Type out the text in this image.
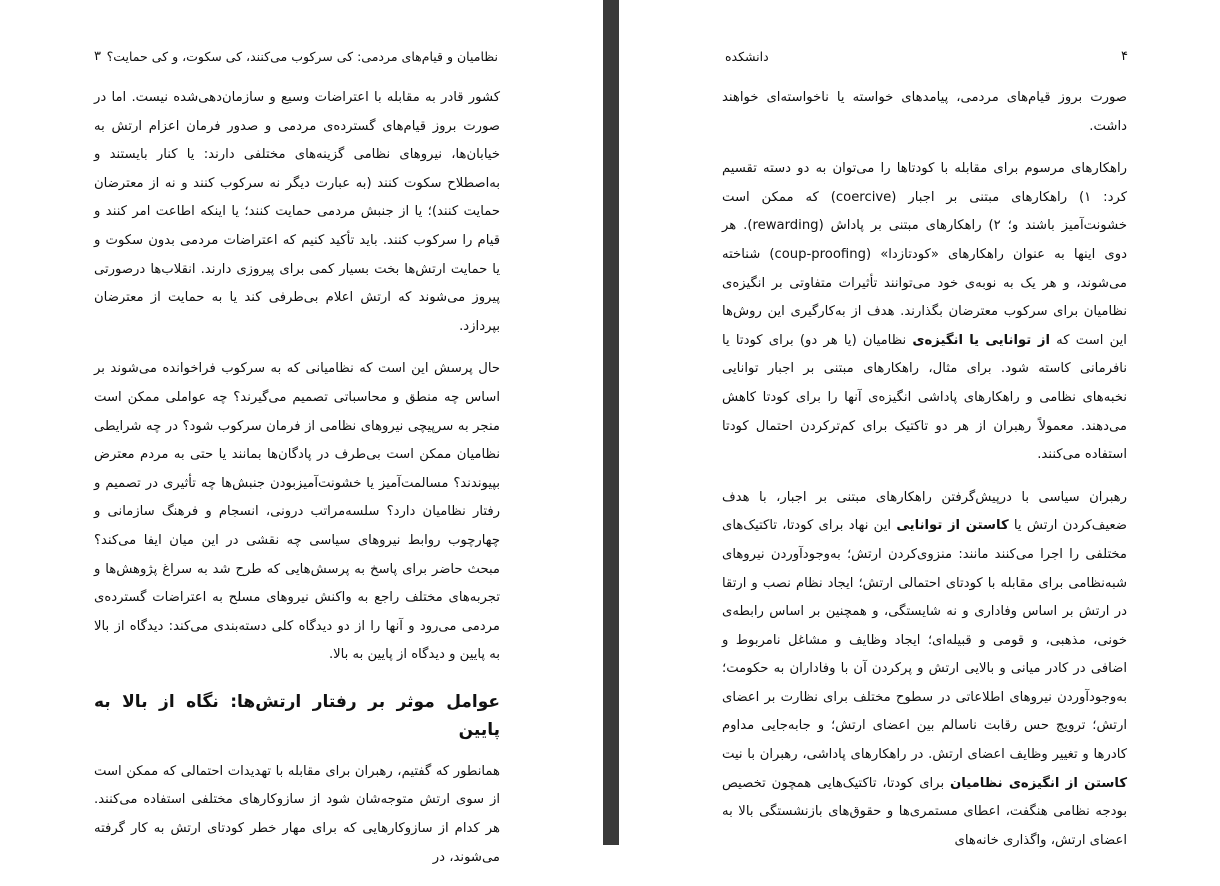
۳ نظامیان و قیام‌های مردمی: کی سرکوب می‌کنند، کی سکوت، و کی حمایت؟

کشور قادر به مقابله با اعتراضات وسیع و سازمان‌دهی‌شده نیست. اما در صورت بروز قیام‌های گسترده‌ی مردمی و صدور فرمان اعزام ارتش به خیابان‌ها، نیروهای نظامی گزینه‌های مختلفی دارند: یا کنار بایستند و به‌اصطلاح سکوت کنند (به عبارت دیگر نه سرکوب کنند و نه از معترضان حمایت کنند)؛ یا از جنبش مردمی حمایت کنند؛ یا اینکه اطاعت امر کنند و قیام را سرکوب کنند. باید تأکید کنیم که اعتراضات مردمی بدون سکوت و یا حمایت ارتش‌ها بخت بسیار کمی برای پیروزی دارند. انقلاب‌ها درصورتی پیروز می‌شوند که ارتش اعلام بی‌طرفی کند یا به حمایت از معترضان بپردازد.

حال پرسش این است که نظامیانی که به سرکوب فراخوانده می‌شوند بر اساس چه منطق و محاسباتی تصمیم می‌گیرند؟ چه عواملی ممکن است منجر به سرپیچی نیروهای نظامی از فرمان سرکوب شود؟ در چه شرایطی نظامیان ممکن است بی‌طرف در پادگان‌ها بمانند یا حتی به مردم معترض بپیوندند؟ مسالمت‌آمیز یا خشونت‌آمیزبودن جنبش‌ها چه تأثیری در تصمیم و رفتار نظامیان دارد؟ سلسه‌مراتب درونی، انسجام و فرهنگ سازمانی و چهارچوب روابط نیروهای سیاسی چه نقشی در این میان ایفا می‌کند؟ مبحث حاضر برای پاسخ به پرسش‌هایی که طرح شد به سراغ پژوهش‌ها و تجربه‌های مختلف راجع به واکنش نیروهای مسلح به اعتراضات گسترده‌ی مردمی می‌رود و آنها را از دو دیدگاه کلی دسته‌بندی می‌کند: دیدگاه از بالا به پایین و دیدگاه از پایین به بالا.

عوامل موثر بر رفتار ارتش‌ها: نگاه از بالا به پایین

همانطور که گفتیم، رهبران برای مقابله با تهدیدات احتمالی که ممکن است از سوی ارتش متوجه‌شان شود از سازوکارهای مختلفی استفاده می‌کنند. هر کدام از سازوکارهایی که برای مهار خطر کودتای ارتش به کار گرفته می‌شوند، در

۴
دانشکده

صورت بروز قیام‌های مردمی، پیامدهای خواسته یا ناخواسته‌ای خواهند داشت.

راهکارهای مرسوم برای مقابله با کودتاها را می‌توان به دو دسته تقسیم کرد: ۱) راهکارهای مبتنی بر اجبار (coercive) که ممکن است خشونت‌آمیز باشند و؛ ۲) راهکارهای مبتنی بر پاداش (rewarding). هر دوی اینها به عنوان راهکارهای «کودتازدا» (coup-proofing) شناخته می‌شوند، و هر یک به نوبه‌ی خود می‌توانند تأثیرات متفاوتی بر انگیزه‌ی نظامیان برای سرکوب معترضان بگذارند. هدف از به‌کارگیری این روش‌ها این است که از توانایی یا انگیزه‌ی نظامیان (یا هر دو) برای کودتا یا نافرمانی کاسته شود. برای مثال، راهکارهای مبتنی بر اجبار توانایی نخبه‌های نظامی و راهکارهای پاداشی انگیزه‌ی آنها را برای کودتا کاهش می‌دهند. معمولاً رهبران از هر دو تاکتیک برای کم‌ترکردن احتمال کودتا استفاده می‌کنند.

رهبران سیاسی با درپیش‌گرفتن راهکارهای مبتنی بر اجبار، با هدف ضعیف‌کردن ارتش یا کاستن از توانایی این نهاد برای کودتا، تاکتیک‌های مختلفی را اجرا می‌کنند مانند: منزوی‌کردن ارتش؛ به‌وجودآوردن نیروهای شبه‌نظامی برای مقابله با کودتای احتمالی ارتش؛ ایجاد نظام نصب و ارتقا در ارتش بر اساس وفاداری و نه شایستگی، و همچنین بر اساس رابطه‌ی خونی، مذهبی، و قومی و قبیله‌ای؛ ایجاد وظایف و مشاغل نامربوط و اضافی در کادر میانی و بالایی ارتش و پرکردن آن با وفاداران به حکومت؛ به‌وجودآوردن نیروهای اطلاعاتی در سطوح مختلف برای نظارت بر اعضای ارتش؛ ترویج حس رقابت ناسالم بین اعضای ارتش؛ و جابه‌جایی مداوم کادرها و تغییر وظایف اعضای ارتش. در راهکارهای پاداشی، رهبران با نیت کاستن از انگیزه‌ی نظامیان برای کودتا، تاکتیک‌هایی همچون تخصیص بودجه نظامی هنگفت، اعطای مستمری‌ها و حقوق‌های بازنشستگی بالا به اعضای ارتش، واگذاری خانه‌های
